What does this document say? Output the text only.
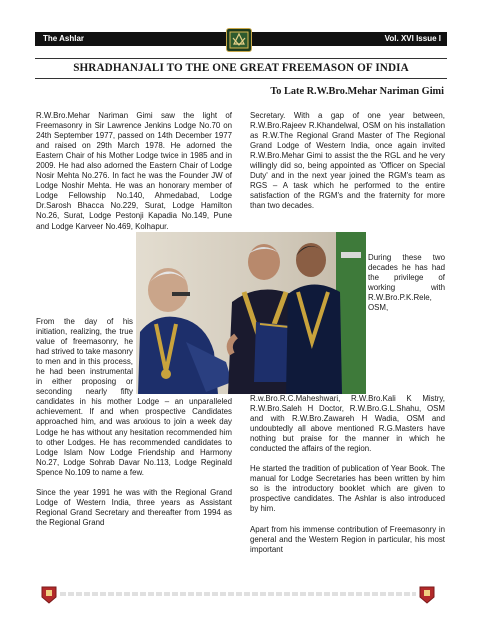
The Ashlar	Vol. XVI Issue I
SHRADHANJALI TO THE ONE GREAT FREEMASON OF INDIA
To Late R.W.Bro.Mehar Nariman Gimi

R.W.Bro.Mehar Nariman Gimi saw the light of Freemasonry in Sir Lawrence Jenkins Lodge No.70 on 24th September 1977, passed on 14th December 1977 and raised on 29th March 1978. He adorned the Eastern Chair of his Mother Lodge twice in 1985 and in 2009. He had also adorned the Eastern Chair of Lodge Nosir Mehta No.276. In fact he was the Founder JW of Lodge Noshir Mehta. He was an honorary member of Lodge Fellowship No.140, Ahmedabad, Lodge Dr.Sarosh Bhacca No.229, Surat, Lodge Hamilton No.26, Surat, Lodge Pestonji Kapadia No.149, Pune and Lodge Karveer No.469, Kolhapur.

From the day of his initiation, realizing, the true value of freemasonry, he had strived to take masonry to men and in this process, he had been instrumental in either proposing or seconding nearly fifty candidates in his mother Lodge – an unparalleled achievement. If and when prospective Candidates approached him, and was anxious to join a week day Lodge he has without any hesitation recommended him to other Lodges. He has recommended candidates to Lodge Islam Now Lodge Friendship and Harmony No.27, Lodge Sohrab Davar No.113, Lodge Reginald Spence No.109 to name a few.

Since the year 1991 he was with the Regional Grand Lodge of Western India, three years as Assistant Regional Grand Secretary and thereafter from 1994 as the Regional Grand

Secretary. With a gap of one year between, R.W.Bro.Rajeev R.Khandelwal, OSM on his installation as R.W.The Regional Grand Master of The Regional Grand Lodge of Western India, once again invited R.W.Bro.Mehar Gimi to assist the the RGL and he very willingly did so, being appointed as 'Officer on Special Duty' and in the next year joined the RGM's team as RGS – A task which he performed to the entire satisfaction of the RGM's and the fraternity for more than two decades.

During these two decades he has had the privilege of working with R.W.Bro.P.K.Rele, OSM, R.w.Bro.R.C.Maheshwari, R.W.Bro.Kali K Mistry, R.W.Bro.Saleh H Doctor, R.W.Bro.G.L.Shahu, OSM and with R.W.Bro.Zawareh H Wadia, OSM and undoubtedly all above mentioned R.G.Masters have nothing but praise for the manner in which he conducted the affairs of the region.

He started the tradition of publication of Year Book. The manual for Lodge Secretaries has been written by him so is the introductory booklet which are given to prospective candidates. The Ashlar is also introduced by him.

Apart from his immense contribution of Freemasonry in general and the Western Region in particular, his most important
